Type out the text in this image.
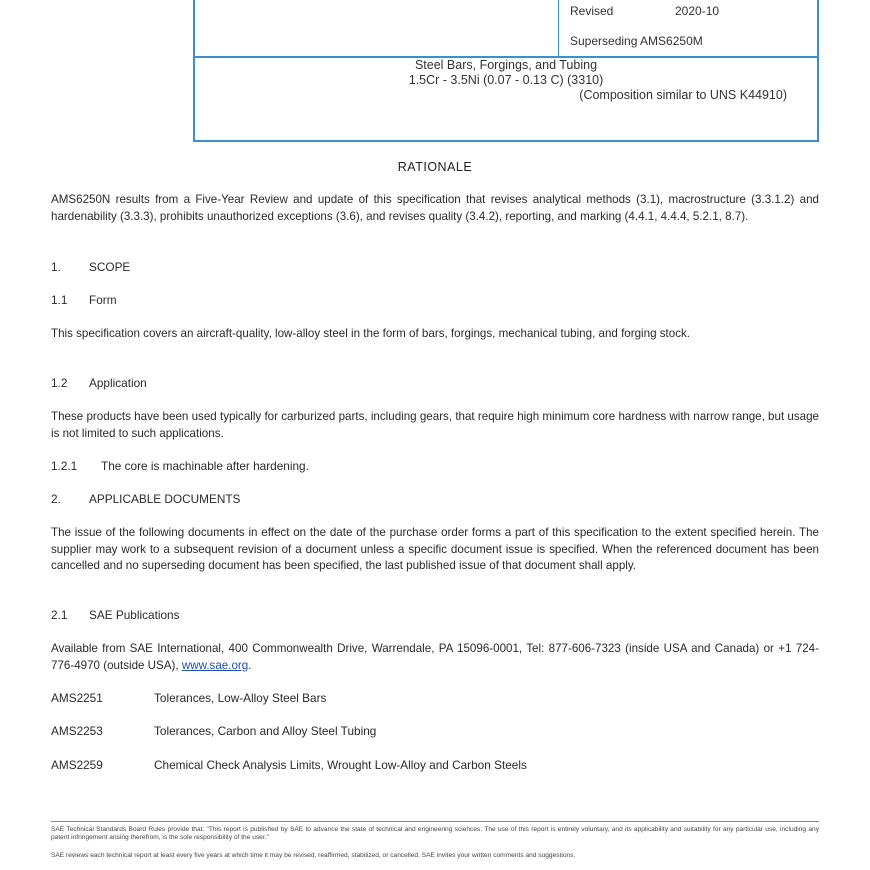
Revised	2020-10
Superseding AMS6250M
Steel Bars, Forgings, and Tubing
1.5Cr - 3.5Ni (0.07 - 0.13 C) (3310)
(Composition similar to UNS K44910)
RATIONALE
AMS6250N results from a Five-Year Review and update of this specification that revises analytical methods (3.1), macrostructure (3.3.1.2) and hardenability (3.3.3), prohibits unauthorized exceptions (3.6), and revises quality (3.4.2), reporting, and marking (4.4.1, 4.4.4, 5.2.1, 8.7).
1. SCOPE
1.1 Form
This specification covers an aircraft-quality, low-alloy steel in the form of bars, forgings, mechanical tubing, and forging stock.
1.2 Application
These products have been used typically for carburized parts, including gears, that require high minimum core hardness with narrow range, but usage is not limited to such applications.
1.2.1 The core is machinable after hardening.
2. APPLICABLE DOCUMENTS
The issue of the following documents in effect on the date of the purchase order forms a part of this specification to the extent specified herein. The supplier may work to a subsequent revision of a document unless a specific document issue is specified. When the referenced document has been cancelled and no superseding document has been specified, the last published issue of that document shall apply.
2.1 SAE Publications
Available from SAE International, 400 Commonwealth Drive, Warrendale, PA 15096-0001, Tel: 877-606-7323 (inside USA and Canada) or +1 724-776-4970 (outside USA), www.sae.org.
AMS2251	Tolerances, Low-Alloy Steel Bars
AMS2253	Tolerances, Carbon and Alloy Steel Tubing
AMS2259	Chemical Check Analysis Limits, Wrought Low-Alloy and Carbon Steels
SAE Technical Standards Board Rules provide that: "This report is published by SAE to advance the state of technical and engineering sciences. The use of this report is entirely voluntary, and its applicability and suitability for any particular use, including any patent infringement arising therefrom, is the sole responsibility of the user."
SAE reviews each technical report at least every five years at which time it may be revised, reaffirmed, stabilized, or cancelled. SAE invites your written comments and suggestions.
